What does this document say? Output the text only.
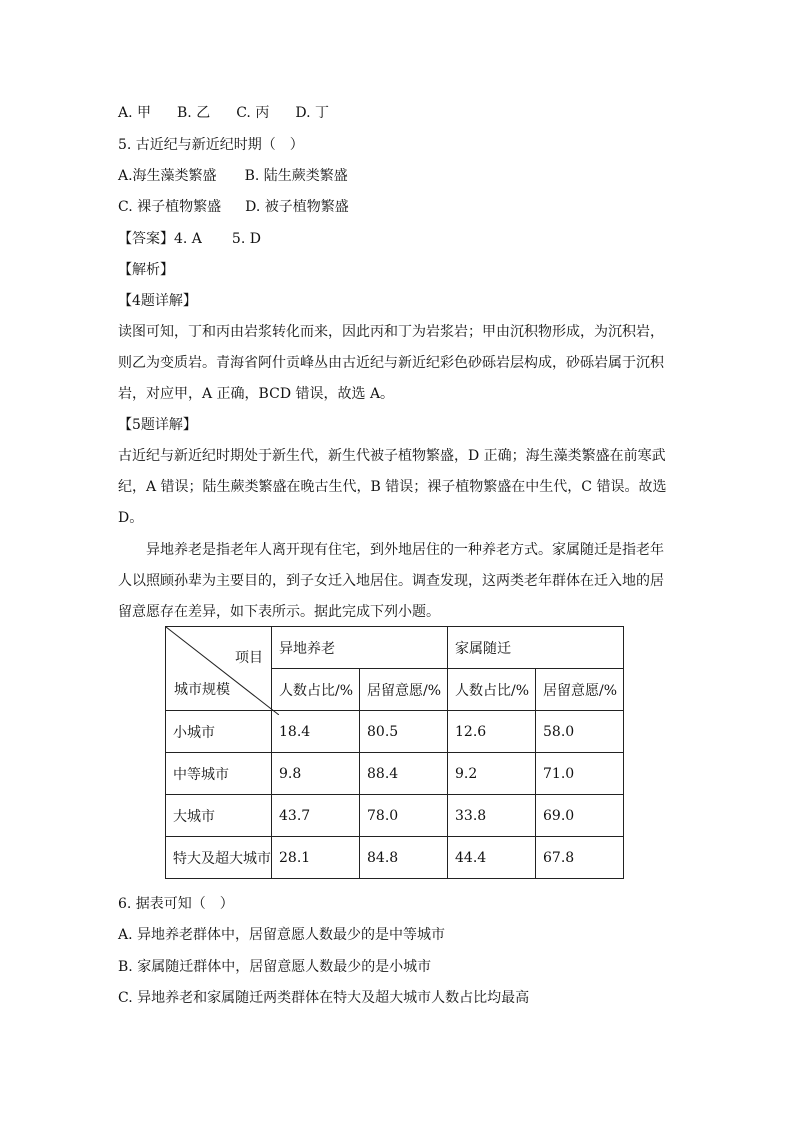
A. 甲 B. 乙 C. 丙 D. 丁
5. 古近纪与新近纪时期（　）
A.海生藻类繁盛 B. 陆生蕨类繁盛
C. 裸子植物繁盛 D. 被子植物繁盛
【答案】4. A 5. D
【解析】
【4题详解】
读图可知，丁和丙由岩浆转化而来，因此丙和丁为岩浆岩；甲由沉积物形成，为沉积岩，
则乙为变质岩。青海省阿什贡峰丛由古近纪与新近纪彩色砂砾岩层构成，砂砾岩属于沉积
岩，对应甲，A 正确，BCD 错误，故选 A。
【5题详解】
古近纪与新近纪时期处于新生代，新生代被子植物繁盛，D 正确；海生藻类繁盛在前寒武
纪，A 错误；陆生蕨类繁盛在晚古生代，B 错误；裸子植物繁盛在中生代，C 错误。故选
D。
　　异地养老是指老年人离开现有住宅，到外地居住的一种养老方式。家属随迁是指老年
人以照顾孙辈为主要目的，到子女迁入地居住。调查发现，这两类老年群体在迁入地的居
留意愿存在差异，如下表所示。据此完成下列小题。
项目
城市规模	异地养老		家属随迁	
	人数占比/%	居留意愿/%	人数占比/%	居留意愿/%
小城市	18.4	80.5	12.6	58.0
中等城市	9.8	88.4	9.2	71.0
大城市	43.7	78.0	33.8	69.0
特大及超大城市	28.1	84.8	44.4	67.8
6. 据表可知（　）
A. 异地养老群体中，居留意愿人数最少的是中等城市
B. 家属随迁群体中，居留意愿人数最少的是小城市
C. 异地养老和家属随迁两类群体在特大及超大城市人数占比均最高
